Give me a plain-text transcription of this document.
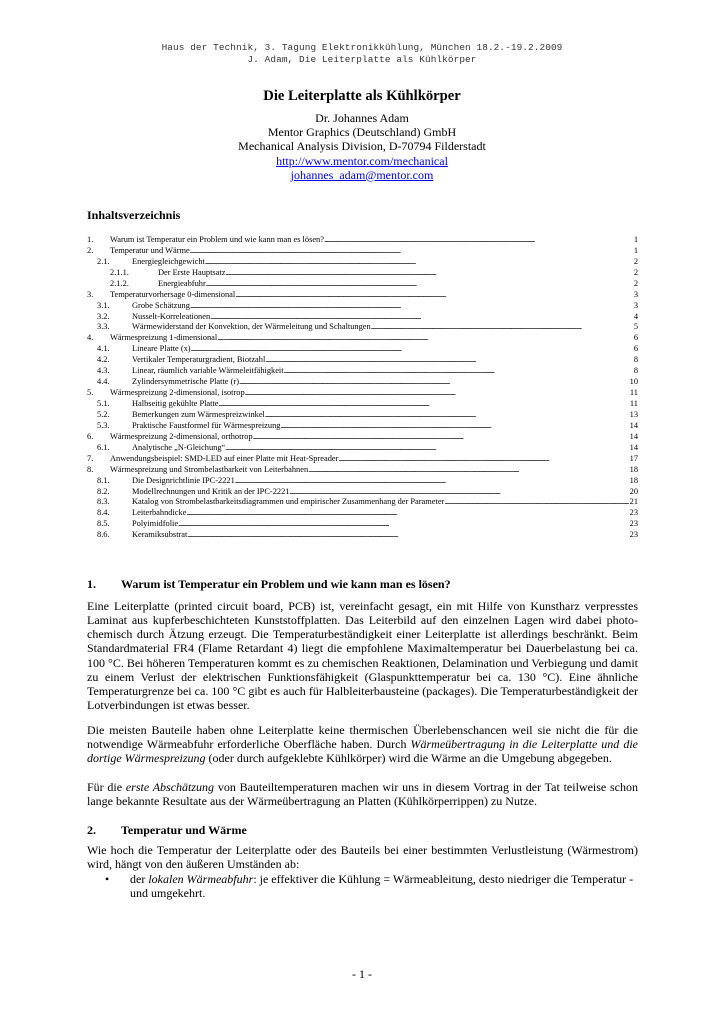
Haus der Technik, 3. Tagung Elektronikkühlung, München 18.2.-19.2.2009
J. Adam, Die Leiterplatte als Kühlkörper
Die Leiterplatte als Kühlkörper
Dr. Johannes Adam
Mentor Graphics (Deutschland) GmbH
Mechanical Analysis Division, D-70794 Filderstadt
http://www.mentor.com/mechanical
johannes_adam@mentor.com
Inhaltsverzeichnis
1.	Warum ist Temperatur ein Problem und wie kann man es lösen? . . .	1
2.	Temperatur und Wärme . . .	1
2.1.	Energiegleichgewicht . . .	2
2.1.1.	Der Erste Hauptsatz . . .	2
2.1.2.	Energieabfuhr . . .	2
3.	Temperaturvorhersage 0-dimensional . . .	3
3.1.	Grobe Schätzung . . .	3
3.2.	Nusselt-Korreleationen . . .	4
3.3.	Wärmewiderstand der Konvektion, der Wärmeleitung und Schaltungen . . .	5
4.	Wärmespreizung 1-dimensional . . .	6
4.1.	Lineare Platte (x) . . .	6
4.2.	Vertikaler Temperaturgradient, Biotzahl . . .	8
4.3.	Linear, räumlich variable Wärmeleitfähigkeit . . .	8
4.4.	Zylindersymmetrische Platte (r) . . .	10
5.	Wärmespreizung 2-dimensional, isotrop . . .	11
5.1.	Halbseitig gekühlte Platte . . .	11
5.2.	Bemerkungen zum Wärmespreizwinkel . . .	13
5.3.	Praktische Faustformel für Wärmespreizung . . .	14
6.	Wärmespreizung 2-dimensional, orthotrop . . .	14
6.1.	Analytische „N-Gleichung“ . . .	14
7.	Anwendungsbeispiel: SMD-LED auf einer Platte mit Heat-Spreader . . .	17
8.	Wärmespreizung und Strombelastbarkeit von Leiterbahnen . . .	18
8.1.	Die Designrichtlinie IPC-2221 . . .	18
8.2.	Modellrechnungen und Kritik an der IPC-2221 . . .	20
8.3.	Katalog von Strombelastbarkeitsdiagrammen und empirischer Zusammenhang der Parameter . . .	21
8.4.	Leiterbahndicke . . .	23
8.5.	Polyimidfolie . . .	23
8.6.	Keramiksubstrat . . .	23
1. Warum ist Temperatur ein Problem und wie kann man es lösen?

Eine Leiterplatte (printed circuit board, PCB) ist, vereinfacht gesagt, ein mit Hilfe von Kunstharz verpresstes Laminat aus kupferbeschichteten Kunststoffplatten. Das Leiterbild auf den einzelnen Lagen wird dabei photo-chemisch durch Ätzung erzeugt. Die Temperaturbeständigkeit einer Leiterplatte ist allerdings beschränkt. Beim Standardmaterial FR4 (Flame Retardant 4) liegt die empfohlene Maximaltemperatur bei Dauerbelastung bei ca. 100 °C. Bei höheren Temperaturen kommt es zu chemischen Reaktionen, Delamination und Verbiegung und damit zu einem Verlust der elektrischen Funktionsfähigkeit (Glaspunkttemperatur bei ca. 130 °C). Eine ähnliche Temperaturgrenze bei ca. 100 °C gibt es auch für Halbleiterbausteine (packages). Die Temperaturbeständigkeit der Lotverbindungen ist etwas besser.

Die meisten Bauteile haben ohne Leiterplatte keine thermischen Überlebenschancen weil sie nicht die für die notwendige Wärmeabfuhr erforderliche Oberfläche haben. Durch Wärmeübertragung in die Leiterplatte und die dortige Wärmespreizung (oder durch aufgeklebte Kühlkörper) wird die Wärme an die Umgebung abgegeben.

Für die erste Abschätzung von Bauteiltemperaturen machen wir uns in diesem Vortrag in der Tat teilweise schon lange bekannte Resultate aus der Wärmeübertragung an Platten (Kühlkörperrippen) zu Nutze.

2. Temperatur und Wärme

Wie hoch die Temperatur der Leiterplatte oder des Bauteils bei einer bestimmten Verlustleistung (Wärmestrom) wird, hängt von den äußeren Umständen ab:

• der lokalen Wärmeabfuhr: je effektiver die Kühlung = Wärmeableitung, desto niedriger die Temperatur - und umgekehrt.
- 1 -
